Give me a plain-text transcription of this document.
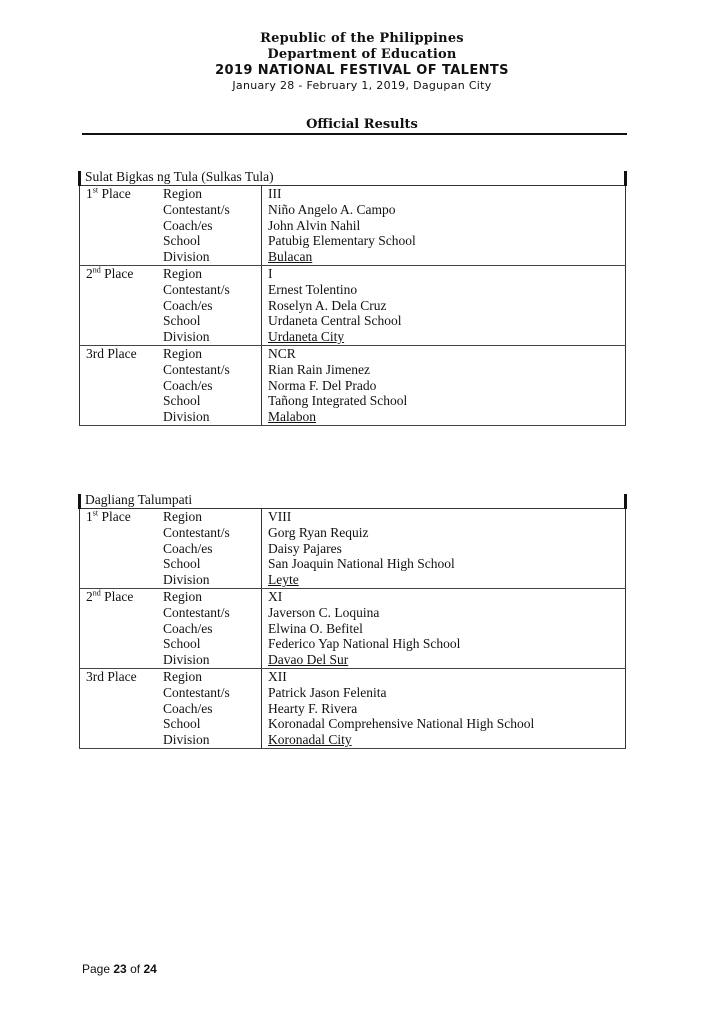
Republic of the Philippines
Department of Education
2019 NATIONAL FESTIVAL OF TALENTS
January 28 - February 1, 2019, Dagupan City
Official Results
Sulat Bigkas ng Tula (Sulkas Tula)
1st Place	Region	III
	Contestant/s	Niño Angelo A. Campo
	Coach/es	John Alvin Nahil
	School	Patubig Elementary School
	Division	Bulacan
2nd Place	Region	I
	Contestant/s	Ernest Tolentino
	Coach/es	Roselyn A. Dela Cruz
	School	Urdaneta Central School
	Division	Urdaneta City
3rd Place	Region	NCR
	Contestant/s	Rian Rain Jimenez
	Coach/es	Norma F. Del Prado
	School	Tañong Integrated School
	Division	Malabon
Dagliang Talumpati
1st Place	Region	VIII
	Contestant/s	Gorg Ryan Requiz
	Coach/es	Daisy Pajares
	School	San Joaquin National High School
	Division	Leyte
2nd Place	Region	XI
	Contestant/s	Javerson C. Loquina
	Coach/es	Elwina O. Befitel
	School	Federico Yap National High School
	Division	Davao Del Sur
3rd Place	Region	XII
	Contestant/s	Patrick Jason Felenita
	Coach/es	Hearty F. Rivera
	School	Koronadal Comprehensive National High School
	Division	Koronadal City
Page 23 of 24
